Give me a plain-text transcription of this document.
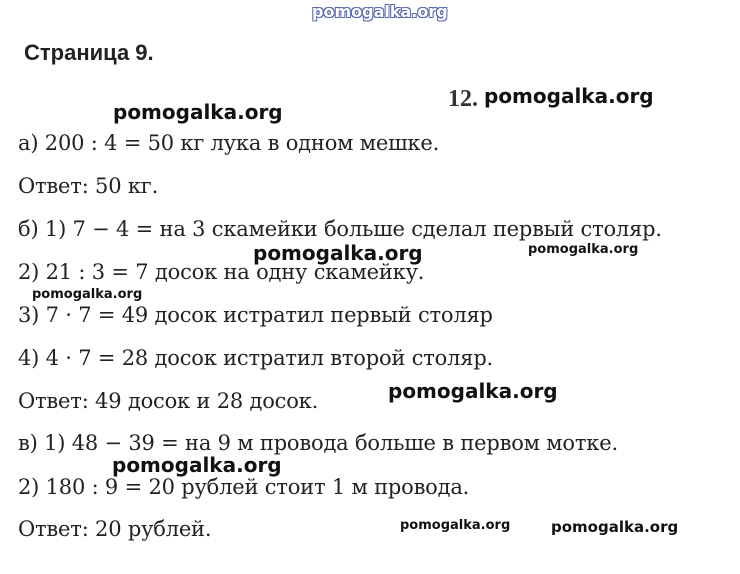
pomogalka.org
Страница 9.
12.
а) 200 : 4 = 50 кг лука в одном мешке.
Ответ: 50 кг.
б) 1) 7 − 4 = на 3 скамейки больше сделал первый столяр.
2) 21 : 3 = 7 досок на одну скамейку.
3) 7 · 7 = 49 досок истратил первый столяр
4) 4 · 7 = 28 досок истратил второй столяр.
Ответ: 49 досок и 28 досок.
в) 1) 48 − 39 = на 9 м провода больше в первом мотке.
2) 180 : 9 = 20 рублей стоит 1 м провода.
Ответ: 20 рублей.
pomogalka.org
pomogalka.org
pomogalka.org	pomogalka.org
pomogalka.org
pomogalka.org
pomogalka.org
pomogalka.org	pomogalka.org
